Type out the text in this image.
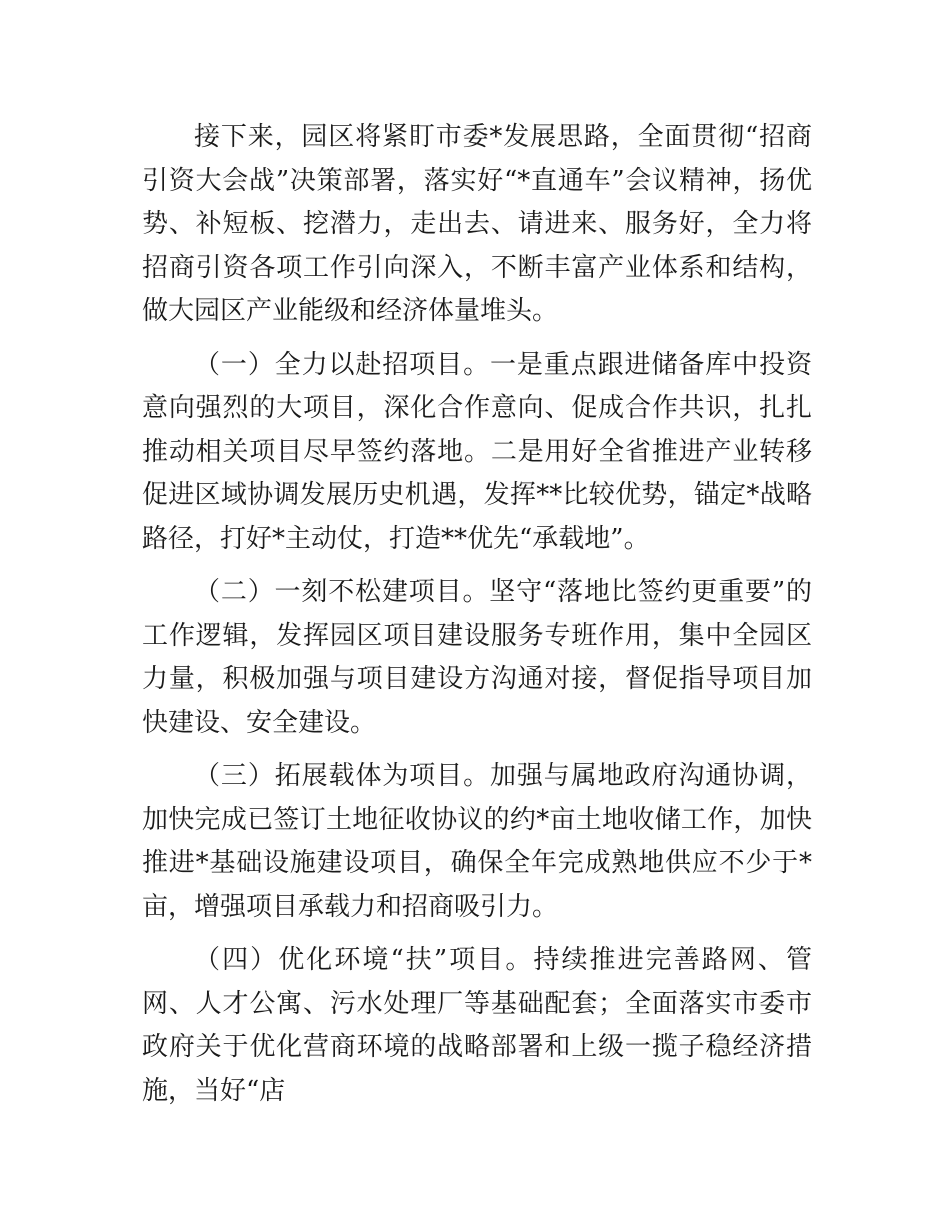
接下来，园区将紧盯市委*发展思路，全面贯彻“招商引资大会战”决策部署，落实好“*直通车”会议精神，扬优势、补短板、挖潜力，走出去、请进来、服务好，全力将招商引资各项工作引向深入，不断丰富产业体系和结构，做大园区产业能级和经济体量堆头。

（一）全力以赴招项目。一是重点跟进储备库中投资意向强烈的大项目，深化合作意向、促成合作共识，扎扎推动相关项目尽早签约落地。二是用好全省推进产业转移促进区域协调发展历史机遇，发挥**比较优势，锚定*战略路径，打好*主动仗，打造**优先“承载地”。

（二）一刻不松建项目。坚守“落地比签约更重要”的工作逻辑，发挥园区项目建设服务专班作用，集中全园区力量，积极加强与项目建设方沟通对接，督促指导项目加快建设、安全建设。

（三）拓展载体为项目。加强与属地政府沟通协调，加快完成已签订土地征收协议的约*亩土地收储工作，加快推进*基础设施建设项目，确保全年完成熟地供应不少于*亩，增强项目承载力和招商吸引力。

（四）优化环境“扶”项目。持续推进完善路网、管网、人才公寓、污水处理厂等基础配套；全面落实市委市政府关于优化营商环境的战略部署和上级一揽子稳经济措施，当好“店
